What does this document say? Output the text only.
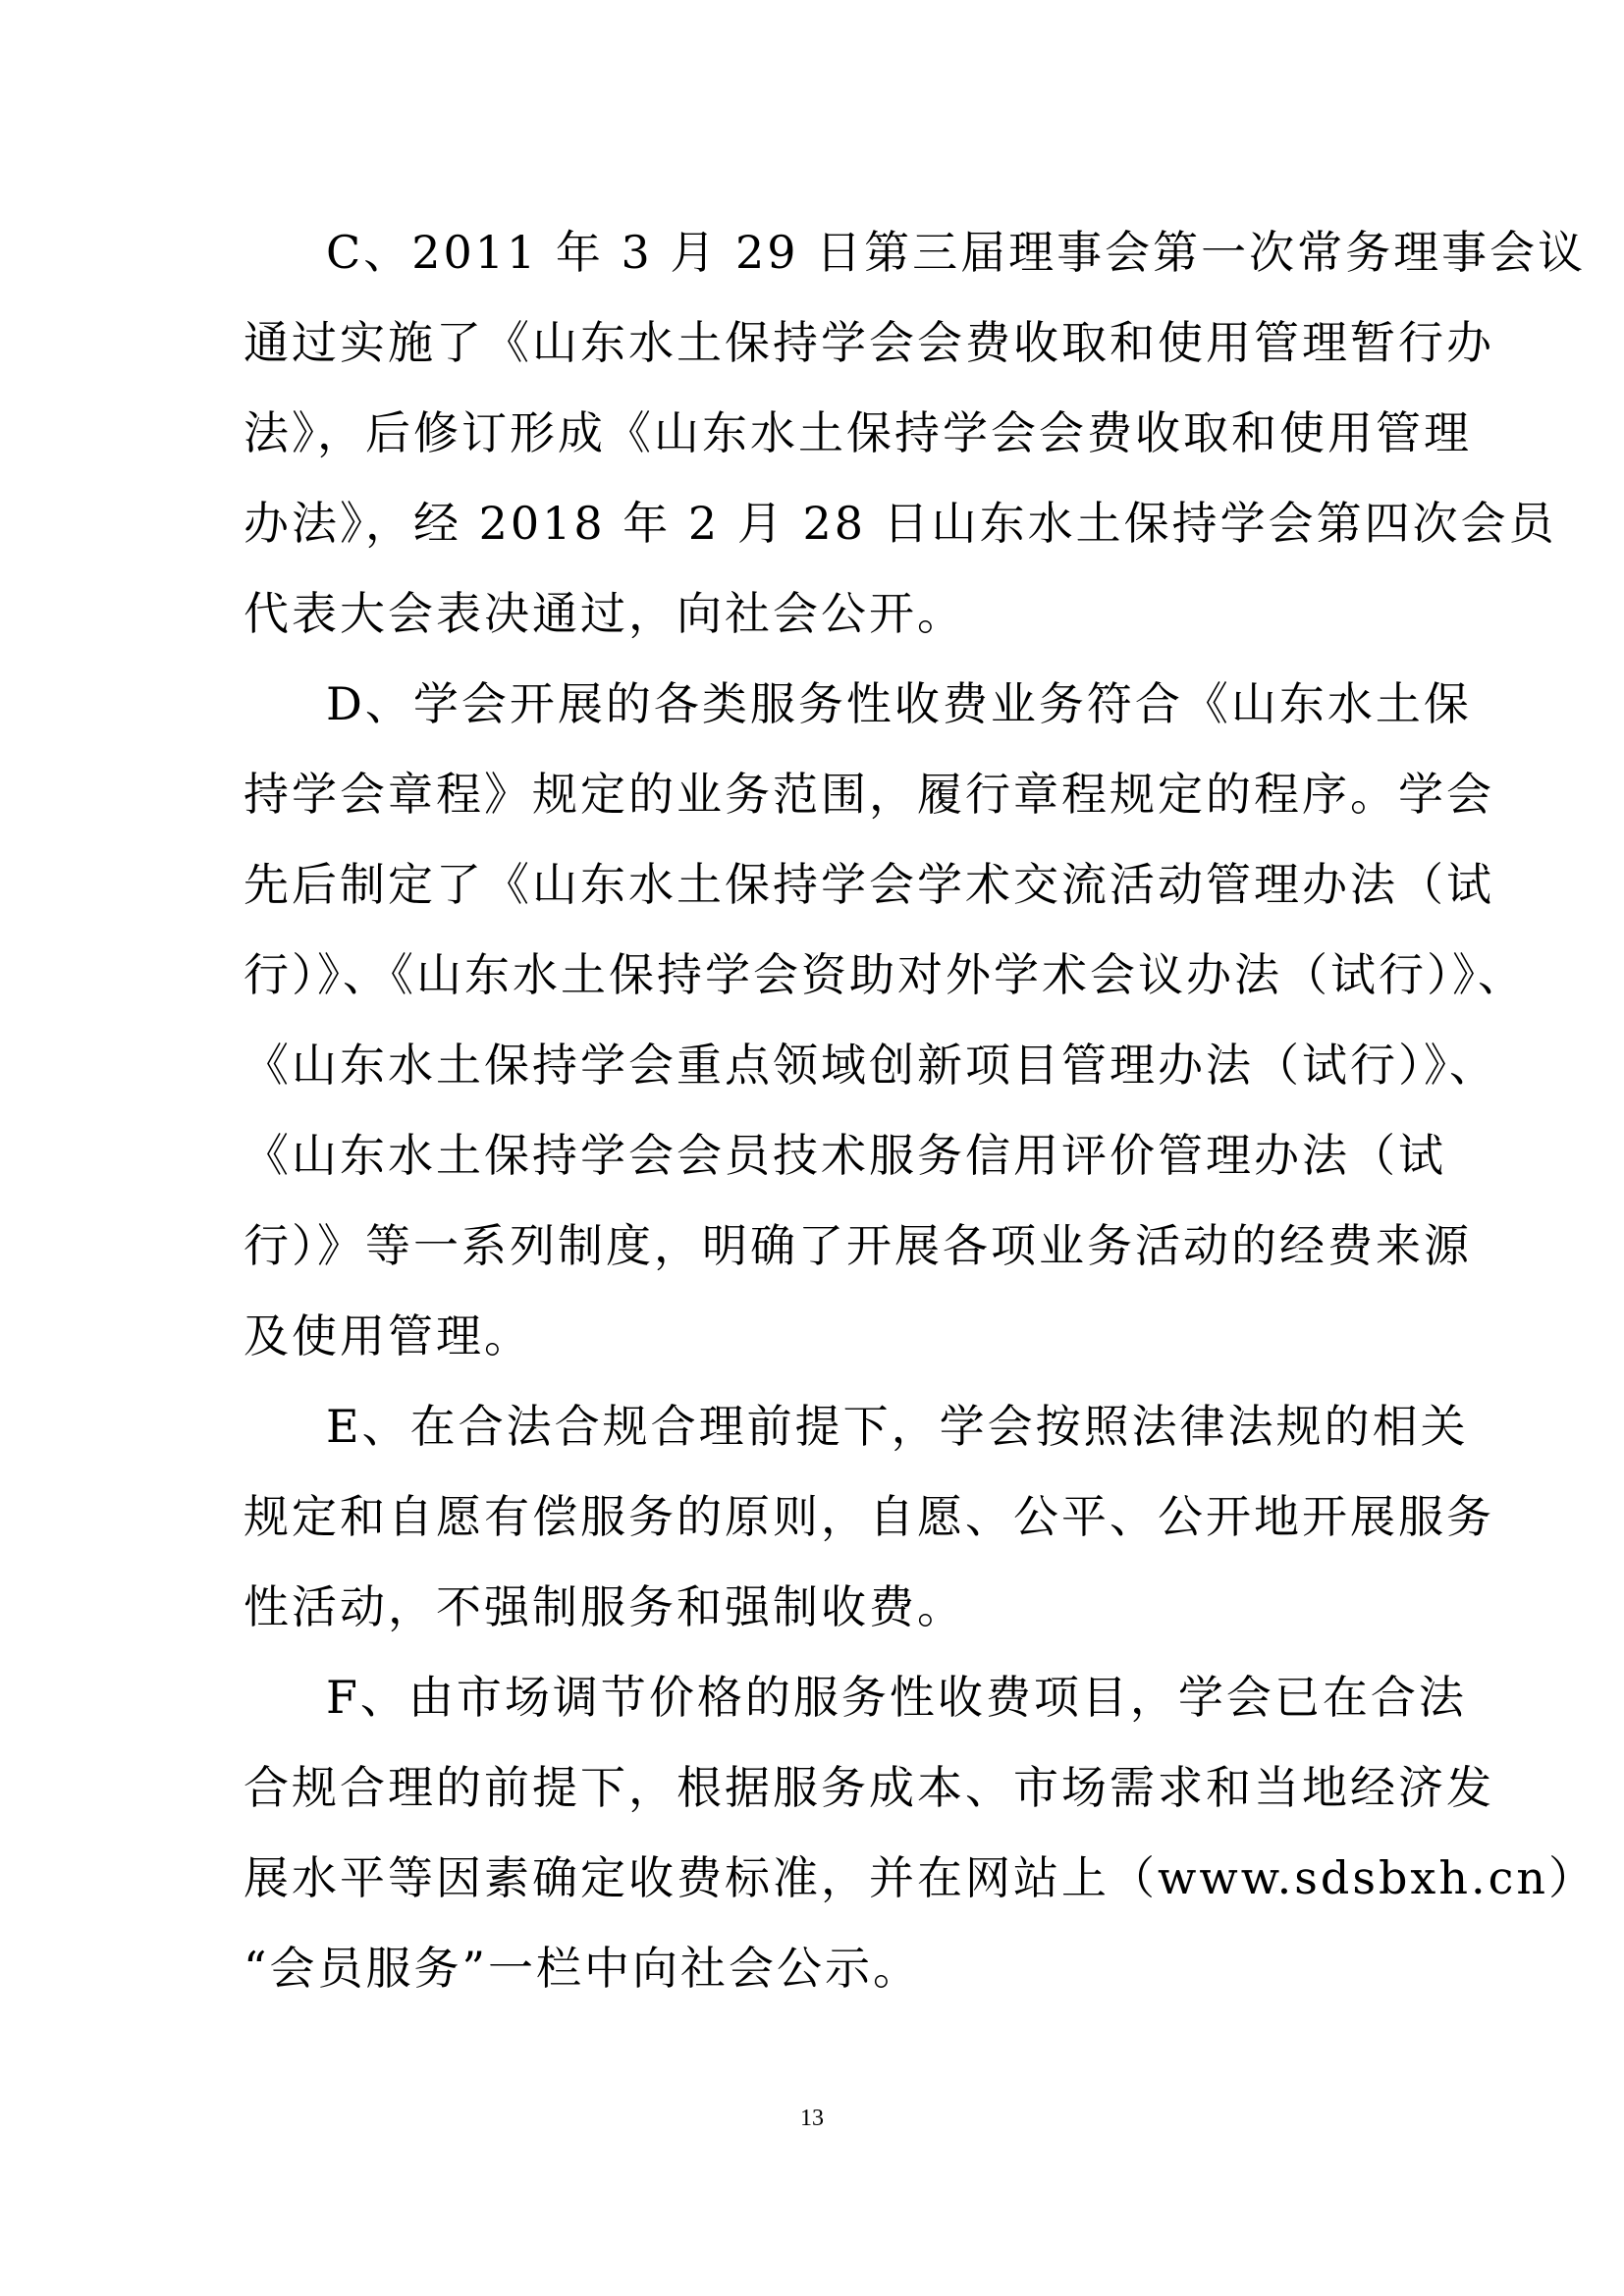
C、2011 年 3 月 29 日第三届理事会第一次常务理事会议
通过实施了《山东水土保持学会会费收取和使用管理暂行办
法》，后修订形成《山东水土保持学会会费收取和使用管理
办法》，经 2018 年 2 月 28 日山东水土保持学会第四次会员
代表大会表决通过，向社会公开。
D、学会开展的各类服务性收费业务符合《山东水土保
持学会章程》规定的业务范围，履行章程规定的程序。学会
先后制定了《山东水土保持学会学术交流活动管理办法（试
行）》、《山东水土保持学会资助对外学术会议办法（试行）》、
《山东水土保持学会重点领域创新项目管理办法（试行）》、
《山东水土保持学会会员技术服务信用评价管理办法（试
行）》等一系列制度，明确了开展各项业务活动的经费来源
及使用管理。
E、在合法合规合理前提下，学会按照法律法规的相关
规定和自愿有偿服务的原则，自愿、公平、公开地开展服务
性活动，不强制服务和强制收费。
F、由市场调节价格的服务性收费项目，学会已在合法
合规合理的前提下，根据服务成本、市场需求和当地经济发
展水平等因素确定收费标准，并在网站上（www.sdsbxh.cn）
“会员服务”一栏中向社会公示。
13
